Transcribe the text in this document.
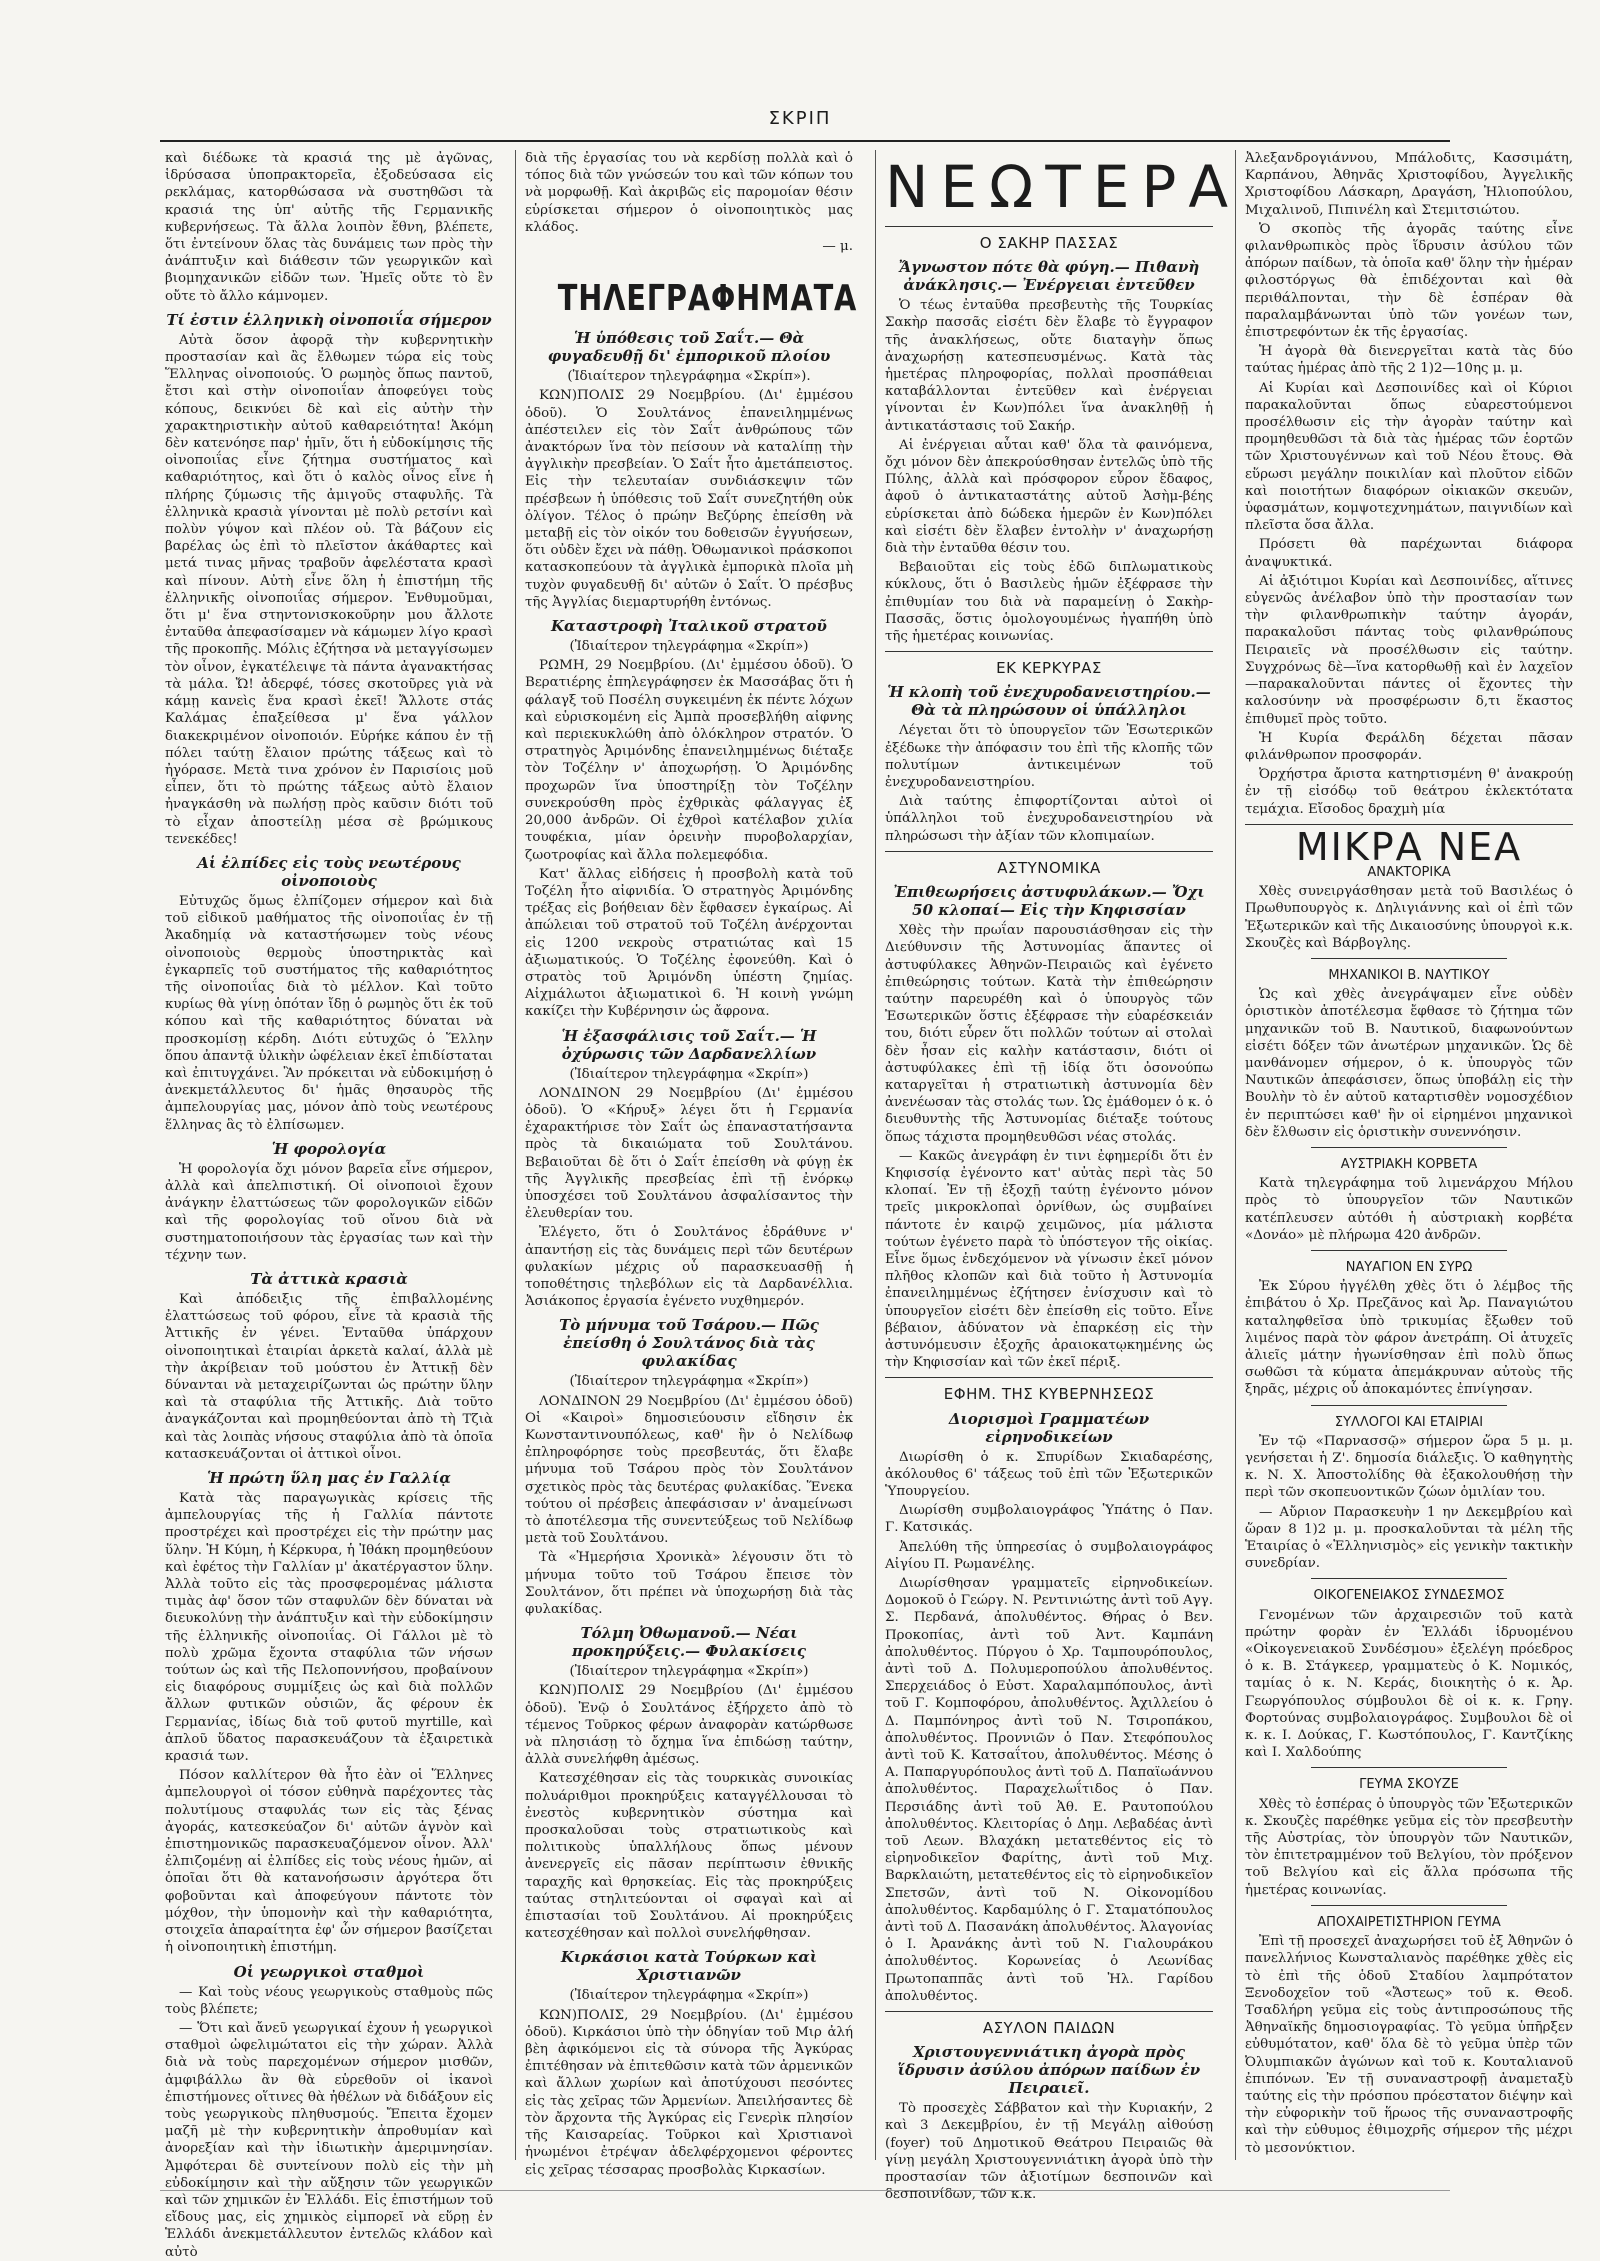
ΣΚΡΙΠ

καὶ διέδωκε τὰ κρασιά της μὲ ἀγῶνας, ἱδρύσασα ὑποπρακτορεῖα, ἐξοδεύσασα εἰς ρεκλάμας, κατορθώσασα νὰ συστηθῶσι τὰ κρασιά της ὑπ' αὐτῆς τῆς Γερμανικῆς κυβερνήσεως. Τὰ ἄλλα λοιπὸν ἔθνη, βλέπετε, ὅτι ἐντείνουν ὅλας τὰς δυνάμεις των πρὸς τὴν ἀνάπτυξιν καὶ διάθεσιν τῶν γεωργικῶν καὶ βιομηχανικῶν εἰδῶν των. Ἡμεῖς οὔτε τὸ ἓν οὔτε τὸ ἄλλο κάμνομεν.

Τί ἐστιν ἑλληνικὴ οἰνοποιΐα σήμερον

Αὐτὰ ὅσον ἀφορᾷ τὴν κυβερνητικὴν προστασίαν καὶ ἂς ἔλθωμεν τώρα εἰς τοὺς Ἕλληνας οἰνοποιούς. Ὁ ρωμηὸς ὅπως παντοῦ, ἔτσι καὶ στὴν οἰνοποιΐαν ἀποφεύγει τοὺς κόπους, δεικνύει δὲ καὶ εἰς αὐτὴν τὴν χαρακτηριστικὴν αὐτοῦ καθαρειότητα! Ἀκόμη δὲν κατενόησε παρ' ἡμῖν, ὅτι ἡ εὐδοκίμησις τῆς οἰνοποιΐας εἶνε ζήτημα συστήματος καὶ καθαριότητος, καὶ ὅτι ὁ καλὸς οἶνος εἶνε ἡ πλήρης ζύμωσις τῆς ἀμιγοῦς σταφυλῆς. Τὰ ἑλληνικὰ κρασιὰ γίνονται μὲ πολὺ ρετσίνι καὶ πολὺν γύψον καὶ πλέον οὐ. Τὰ βάζουν εἰς βαρέλας ὡς ἐπὶ τὸ πλεῖστον ἀκάθαρτες καὶ μετά τινας μῆνας τραβοῦν ἀφελέστατα κρασὶ καὶ πίνουν. Αὐτὴ εἶνε ὅλη ἡ ἐπιστήμη τῆς ἑλληνικῆς οἰνοποιΐας σήμερον. Ἐνθυμοῦμαι, ὅτι μ' ἕνα στηντονισκοκοῦρην μου ἄλλοτε ἐνταῦθα ἀπεφασίσαμεν νὰ κάμωμεν λίγο κρασὶ τῆς προκοπῆς. Μόλις ἐζήτησα νὰ μεταγγίσωμεν τὸν οἶνον, ἐγκατέλειψε τὰ πάντα ἀγανακτήσας τὰ μάλα. Ὤ! ἀδερφέ, τόσες σκοτοῦρες γιὰ νὰ κάμῃ κανεὶς ἕνα κρασὶ ἐκεῖ! Ἄλλοτε στάς Καλάμας ἐπαξείθεσα μ' ἕνα γάλλον διακεκριμένον οἰνοποιόν. Εὑρήκε κάπου ἐν τῇ πόλει ταύτῃ ἔλαιον πρώτης τάξεως καὶ τὸ ἠγόρασε. Μετὰ τινα χρόνον ἐν Παρισίοις μοῦ εἶπεν, ὅτι τὸ πρώτης τάξεως αὐτὸ ἔλαιον ἠναγκάσθη νὰ πωλήσῃ πρὸς καῦσιν διότι τοῦ τὸ εἶχαν ἀποστείλῃ μέσα σὲ βρώμικους τενεκέδες!

Αἱ ἐλπίδες εἰς τοὺς νεωτέρους οἰνοποιοὺς

Εὐτυχῶς ὅμως ἐλπίζομεν σήμερον καὶ διὰ τοῦ εἰδικοῦ μαθήματος τῆς οἰνοποιΐας ἐν τῇ Ἀκαδημίᾳ νὰ καταστήσωμεν τοὺς νέους οἰνοποιοὺς θερμοὺς ὑποστηρικτὰς καὶ ἐγκαρπεῖς τοῦ συστήματος τῆς καθαριότητος τῆς οἰνοποιΐας διὰ τὸ μέλλον. Καὶ τοῦτο κυρίως θὰ γίνῃ ὁπόταν ἴδῃ ὁ ρωμηὸς ὅτι ἐκ τοῦ κόπου καὶ τῆς καθαριότητος δύναται νὰ προσκομίσῃ κέρδη. Διότι εὐτυχῶς ὁ Ἕλλην ὅπου ἀπαντᾷ ὑλικὴν ὠφέλειαν ἐκεῖ ἐπιδίσταται καὶ ἐπιτυγχάνει. Ἂν πρόκειται νὰ εὐδοκιμήσῃ ὁ ἀνεκμετάλλευτος δι' ἡμᾶς θησαυρὸς τῆς ἀμπελουργίας μας, μόνον ἀπὸ τοὺς νεωτέρους ἕλληνας ἃς τὸ ἐλπίσωμεν.

Ἡ φορολογία

Ἡ φορολογία ὄχι μόνον βαρεῖα εἶνε σήμερον, ἀλλὰ καὶ ἀπελπιστική. Οἱ οἰνοποιοὶ ἔχουν ἀνάγκην ἐλαττώσεως τῶν φορολογικῶν εἰδῶν καὶ τῆς φορολογίας τοῦ οἴνου διὰ νὰ συστηματοποιήσουν τὰς ἐργασίας των καὶ τὴν τέχνην των.

Τὰ ἀττικὰ κρασιὰ

Καὶ ἀπόδειξις τῆς ἐπιβαλλομένης ἐλαττώσεως τοῦ φόρου, εἶνε τὰ κρασιὰ τῆς Ἀττικῆς ἐν γένει. Ἐνταῦθα ὑπάρχουν οἰνοποιητικαὶ ἑταιρίαι ἀρκετὰ καλαί, ἀλλὰ μὲ τὴν ἀκρίβειαν τοῦ μούστου ἐν Ἀττικῇ δὲν δύνανται νὰ μεταχειρίζωνται ὡς πρώτην ὕλην καὶ τὰ σταφύλια τῆς Ἀττικῆς. Διὰ τοῦτο ἀναγκάζονται καὶ προμηθεύονται ἀπὸ τὴ Τζιὰ καὶ τὰς λοιπὰς νήσους σταφύλια ἀπὸ τὰ ὁποῖα κατασκευάζονται οἱ ἀττικοὶ οἶνοι.

Ἡ πρώτη ὕλη μας ἐν Γαλλίᾳ

Κατὰ τὰς παραγωγικὰς κρίσεις τῆς ἀμπελουργίας τῆς ἡ Γαλλία πάντοτε προστρέχει καὶ προστρέχει εἰς τὴν πρώτην μας ὕλην. Ἡ Κύμη, ἡ Κέρκυρα, ἡ Ἰθάκη προμηθεύουν καὶ ἐφέτος τὴν Γαλλίαν μ' ἀκατέργαστον ὕλην. Ἀλλὰ τοῦτο εἰς τὰς προσφερομένας μάλιστα τιμὰς ἀφ' ὅσον τῶν σταφυλῶν δὲν δύναται νὰ διευκολύνῃ τὴν ἀνάπτυξιν καὶ τὴν εὐδοκίμησιν τῆς ἑλληνικῆς οἰνοποιΐας. Οἱ Γάλλοι μὲ τὸ πολὺ χρῶμα ἔχοντα σταφύλια τῶν νήσων τούτων ὡς καὶ τῆς Πελοποννήσου, προβαίνουν εἰς διαφόρους συμμίξεις ὡς καὶ διὰ πολλῶν ἄλλων φυτικῶν οὐσιῶν, ἅς φέρουν ἐκ Γερμανίας, ἰδίως διὰ τοῦ φυτοῦ myrtille, καὶ ἁπλοῦ ὕδατος παρασκευάζουν τὰ ἐξαιρετικὰ κρασιά των.

Πόσον καλλίτερον θὰ ἦτο ἐὰν οἱ Ἕλληνες ἀμπελουργοὶ οἱ τόσον εὐθηνὰ παρέχοντες τὰς πολυτίμους σταφυλάς των εἰς τὰς ξένας ἀγοράς, κατεσκεύαζον δι' αὐτῶν ἁγνὸν καὶ ἐπιστημονικῶς παρασκευαζόμενον οἶνον. Ἀλλ' ἐλπιζομένῃ αἱ ἐλπίδες εἰς τοὺς νέους ἡμῶν, αἱ ὁποῖαι ὅτι θὰ κατανοήσωσιν ἀργότερα ὅτι φοβοῦνται καὶ ἀποφεύγουν πάντοτε τὸν μόχθον, τὴν ὑπομονὴν καὶ τὴν καθαριότητα, στοιχεῖα ἀπαραίτητα ἐφ' ὧν σήμερον βασίζεται ἡ οἰνοποιητικὴ ἐπιστήμη.

Οἱ γεωργικοὶ σταθμοὶ

— Καὶ τοὺς νέους γεωργικοὺς σταθμοὺς πῶς τοὺς βλέπετε;

— Ὅτι καὶ ἄνεῦ γεωργικαί ἐχουν ἡ γεωργικοὶ σταθμοὶ ὠφελιμώτατοι εἰς τὴν χώραν. Ἀλλὰ διὰ νὰ τοὺς παρεχομένων σήμερον μισθῶν, ἀμφιβάλλω ἂν θὰ εὑρεθοῦν οἱ ἱκανοὶ ἐπιστήμονες οἵτινες θὰ ἠθέλων νὰ διδάξουν εἰς τοὺς γεωργικοὺς πληθυσμούς. Ἔπειτα ἔχομεν μαζῆ μὲ τὴν κυβερνητικὴν ἀπροθυμίαν καὶ ἀνορεξίαν καὶ τὴν ἰδιωτικὴν ἀμεριμνησίαν. Ἀμφότεραι δὲ συντείνουν πολὺ εἰς τὴν μὴ εὐδοκίμησιν καὶ τὴν αὔξησιν τῶν γεωργικῶν καὶ τῶν χημικῶν ἐν Ἑλλάδι. Εἰς ἐπιστήμων τοῦ εἴδους μας, εἰς χημικὸς εἰμπορεῖ νὰ εὕρῃ ἐν Ἑλλάδι ἀνεκμετάλλευτον ἐντελῶς κλάδον καὶ αὐτὸ

διὰ τῆς ἐργασίας του νὰ κερδίσῃ πολλὰ καὶ ὁ τόπος διὰ τῶν γνώσεών του καὶ τῶν κόπων του νὰ μορφωθῇ. Καὶ ἀκριβῶς εἰς παρομοίαν θέσιν εὑρίσκεται σήμερον ὁ οἰνοποιητικὸς μας κλάδος.

— μ.
ΤΗΛΕΓΡΑΦΗΜΑΤΑ
Ἡ ὑπόθεσις τοῦ Σαΐτ.— Θὰ φυγαδευθῇ δι' ἐμπορικοῦ πλοίου
(Ἰδιαίτερον τηλεγράφημα «Σκρίπ»).

ΚΩΝ)ΠΟΛΙΣ 29 Νοεμβρίου. (Δι' ἐμμέσου ὁδοῦ). Ὁ Σουλτάνος ἐπανειλημμένως ἀπέστειλεν εἰς τὸν Σαΐτ ἀνθρώπους τῶν ἀνακτόρων ἵνα τὸν πείσουν νὰ καταλίπῃ τὴν ἀγγλικὴν πρεσβείαν. Ὁ Σαΐτ ἦτο ἀμετάπειστος. Εἰς τὴν τελευταίαν συνδιάσκεψιν τῶν πρέσβεων ἡ ὑπόθεσις τοῦ Σαΐτ συνεζητήθη οὐκ ὀλίγον. Τέλος ὁ πρώην Βεζύρης ἐπείσθη νὰ μεταβῇ εἰς τὸν οἰκόν του δοθεισῶν ἐγγυήσεων, ὅτι οὐδὲν ἔχει νὰ πάθῃ. Ὀθωμανικοὶ πράσκοποι κατασκοπεύουν τὰ ἀγγλικὰ ἐμπορικὰ πλοῖα μὴ τυχὸν φυγαδευθῇ δι' αὐτῶν ὁ Σαΐτ. Ὁ πρέσβυς τῆς Ἀγγλίας διεμαρτυρήθη ἐντόνως.

Καταστροφὴ Ἰταλικοῦ στρατοῦ
(Ἰδιαίτερον τηλεγράφημα «Σκρίπ»)

ΡΩΜΗ, 29 Νοεμβρίου. (Δι' ἐμμέσου ὁδοῦ). Ὁ Βερατιέρης ἐπηλεγράφησεν ἐκ Μασσάβας ὅτι ἡ φάλαγξ τοῦ Ποσέλη συγκειμένη ἐκ πέντε λόχων καὶ εὑρισκομένη εἰς Ἀμπὰ προσεβλήθη αἰφνης καὶ περιεκυκλώθη ἀπὸ ὁλόκληρον στρατόν. Ὁ στρατηγὸς Ἀριμόνδης ἐπανειλημμένως διέταξε τὸν Τοζέλην ν' ἀποχωρήσῃ. Ὁ Ἀριμόνδης προχωρῶν ἵνα ὑποστηρίξῃ τὸν Τοζέλην συνεκρούσθη πρὸς ἐχθρικὰς φάλαγγας ἐξ 20,000 ἀνδρῶν. Οἱ ἐχθροὶ κατέλαβον χιλία τουφέκια, μίαν ὀρεινὴν πυροβολαρχίαν, ζωοτροφίας καὶ ἄλλα πολεμεφόδια.

Κατ' ἄλλας εἰδήσεις ἡ προσβολὴ κατὰ τοῦ Τοζέλη ἦτο αἰφνιδία. Ὁ στρατηγὸς Ἀριμόνδης τρέξας εἰς βοήθειαν δὲν ἔφθασεν ἐγκαίρως. Αἱ ἀπώλειαι τοῦ στρατοῦ τοῦ Τοζέλη ἀνέρχονται εἰς 1200 νεκροὺς στρατιώτας καὶ 15 ἀξιωματικούς. Ὁ Τοζέλης ἐφονεύθη. Καὶ ὁ στρατὸς τοῦ Ἀριμόνδη ὑπέστη ζημίας. Αἰχμάλωτοι ἀξιωματικοὶ 6. Ἡ κοινὴ γνώμη κακίζει τὴν Κυβέρνησιν ὡς ἄφρονα.

Ἡ ἐξασφάλισις τοῦ Σαΐτ.— Ἡ ὀχύρωσις τῶν Δαρδανελλίων
(Ἰδιαίτερον τηλεγράφημα «Σκρίπ»)

ΛΟΝΔΙΝΟΝ 29 Νοεμβρίου (Δι' ἐμμέσου ὁδοῦ). Ὁ «Κήρυξ» λέγει ὅτι ἡ Γερμανία ἐχαρακτήρισε τὸν Σαΐτ ὡς ἐπαναστατήσαντα πρὸς τὰ δικαιώματα τοῦ Σουλτάνου. Βεβαιοῦται δὲ ὅτι ὁ Σαΐτ ἐπείσθη νὰ φύγῃ ἐκ τῆς Ἀγγλικῆς πρεσβείας ἐπὶ τῇ ἐνόρκῳ ὑποσχέσει τοῦ Σουλτάνου ἀσφαλίσαντος τὴν ἐλευθερίαν του.

Ἐλέγετο, ὅτι ὁ Σουλτάνος ἐδράθυνε ν' ἀπαντήσῃ εἰς τὰς δυνάμεις περὶ τῶν δευτέρων φυλακίων μέχρις οὗ παρασκευασθῇ ἡ τοποθέτησις τηλεβόλων εἰς τὰ Δαρδανέλλια. Ἀσιάκοπος ἐργασία ἐγένετο νυχθημερόν.

Τὸ μήνυμα τοῦ Τσάρου.— Πῶς ἐπείσθη ὁ Σουλτάνος διὰ τὰς φυλακίδας
(Ἰδιαίτερον τηλεγράφημα «Σκρίπ»)

ΛΟΝΔΙΝΟΝ 29 Νοεμβρίου (Δι' ἐμμέσου ὁδοῦ) Οἱ «Καιροὶ» δημοσιεύουσιν εἴδησιν ἐκ Κωνσταντινουπόλεως, καθ' ἣν ὁ Νελίδωφ ἐπληροφόρησε τοὺς πρεσβευτάς, ὅτι ἔλαβε μήνυμα τοῦ Τσάρου πρὸς τὸν Σουλτάνον σχετικὸς πρὸς τὰς δευτέρας φυλακίδας. Ἕνεκα τούτου οἱ πρέσβεις ἀπεφάσισαν ν' ἀναμείνωσι τὸ ἀποτέλεσμα τῆς συνεντεύξεως τοῦ Νελίδωφ μετὰ τοῦ Σουλτάνου.

Τὰ «Ἡμερήσια Χρονικὰ» λέγουσιν ὅτι τὸ μήνυμα τοῦτο τοῦ Τσάρου ἔπεισε τὸν Σουλτάνον, ὅτι πρέπει νὰ ὑποχωρήσῃ διὰ τὰς φυλακίδας.

Τόλμη Ὀθωμανοῦ.— Νέαι προκηρύξεις.— Φυλακίσεις
(Ἰδιαίτερον τηλεγράφημα «Σκρίπ»)

ΚΩΝ)ΠΟΛΙΣ 29 Νοεμβρίου (Δι' ἐμμέσου ὁδοῦ). Ἐνῷ ὁ Σουλτάνος ἐξήρχετο ἀπὸ τὸ τέμενος Τοῦρκος φέρων ἀναφορὰν κατώρθωσε νὰ πλησιάσῃ τὸ ὄχημα ἵνα ἐπιδώσῃ ταύτην, ἀλλὰ συνελήφθη ἀμέσως.

Κατεσχέθησαν εἰς τὰς τουρκικὰς συνοικίας πολυάριθμοι προκηρύξεις καταγγέλλουσαι τὸ ἐνεστὸς κυβερνητικὸν σύστημα καὶ προσκαλοῦσαι τοὺς στρατιωτικοὺς καὶ πολιτικοὺς ὑπαλλήλους ὅπως μένουν ἀνενεργεῖς εἰς πᾶσαν περίπτωσιν ἐθνικῆς ταραχῆς καὶ θρησκείας. Εἰς τὰς προκηρύξεις ταύτας στηλιτεύονται οἱ σφαγαὶ καὶ αἱ ἐπιστασίαι τοῦ Σουλτάνου. Αἱ προκηρύξεις κατεσχέθησαν καὶ πολλοὶ συνελήφθησαν.

Κιρκάσιοι κατὰ Τούρκων καὶ Χριστιανῶν
(Ἰδιαίτερον τηλεγράφημα «Σκρίπ»)

ΚΩΝ)ΠΟΛΙΣ, 29 Νοεμβρίου. (Δι' ἐμμέσου ὁδοῦ). Κιρκάσιοι ὑπὸ τὴν ὁδηγίαν τοῦ Μιρ ἀλή βὲη ἀφικόμενοι εἰς τὰ σύνορα τῆς Ἀγκύρας ἐπιτέθησαν νὰ ἐπιτεθῶσιν κατὰ τῶν ἀρμενικῶν καὶ ἄλλων χωρίων καὶ ἀποτύχουσι πεσόντες εἰς τὰς χεῖρας τῶν Ἀρμενίων. Ἀπειλήσαντες δὲ τὸν ἄρχοντα τῆς Ἀγκύρας εἰς Γενερὶκ πλησίον τῆς Καισαρείας. Τοῦρκοι καὶ Χριστιανοὶ ἡνωμένοι ἐτρέψαν ἀδελφέρχομενοι φέροντες εἰς χεῖρας τέσσαρας προσβολὰς Κιρκασίων.

ΝΕΩΤΕΡΑ
Ο ΣΑΚΗΡ ΠΑΣΣΑΣ
Ἄγνωστον πότε θὰ φύγη.— Πιθανὴ ἀνάκλησις.— Ἐνέργειαι ἐντεῦθεν

Ὁ τέως ἐνταῦθα πρεσβευτὴς τῆς Τουρκίας Σακὴρ πασσᾶς εἰσέτι δὲν ἔλαβε τὸ ἔγγραφον τῆς ἀνακλήσεως, οὔτε διαταγὴν ὅπως ἀναχωρήσῃ κατεσπευσμένως. Κατὰ τὰς ἡμετέρας πληροφορίας, πολλαὶ προσπάθειαι καταβάλλονται ἐντεῦθεν καὶ ἐνέργειαι γίνονται ἐν Κων)πόλει ἵνα ἀνακληθῇ ἡ ἀντικατάστασις τοῦ Σακήρ.

Αἱ ἐνέργειαι αὗται καθ' ὅλα τὰ φαινόμενα, ὄχι μόνον δὲν ἀπεκρούσθησαν ἐντελῶς ὑπὸ τῆς Πύλης, ἀλλὰ καὶ πρόσφορον εὗρον ἔδαφος, ἀφοῦ ὁ ἀντικαταστάτης αὐτοῦ Ἀσὴμ-βέης εὑρίσκεται ἀπὸ δώδεκα ἡμερῶν ἐν Κων)πόλει καὶ εἰσέτι δὲν ἔλαβεν ἐντολὴν ν' ἀναχωρήσῃ διὰ τὴν ἐνταῦθα θέσιν του.

Βεβαιοῦται εἰς τοὺς ἐδῶ διπλωματικοὺς κύκλους, ὅτι ὁ Βασιλεὺς ἡμῶν ἐξέφρασε τὴν ἐπιθυμίαν του διὰ νὰ παραμείνῃ ὁ Σακὴρ-Πασσᾶς, ὅστις ὁμολογουμένως ἠγαπήθη ὑπὸ τῆς ἡμετέρας κοινωνίας.

ΕΚ ΚΕΡΚΥΡΑΣ
Ἡ κλοπὴ τοῦ ἐνεχυροδανειστηρίου.— Θὰ τὰ πληρώσουν οἱ ὑπάλληλοι

Λέγεται ὅτι τὸ ὑπουργεῖον τῶν Ἐσωτερικῶν ἐξέδωκε τὴν ἀπόφασιν του ἐπὶ τῆς κλοπῆς τῶν πολυτίμων ἀντικειμένων τοῦ ἐνεχυροδανειστηρίου.

Διὰ ταύτης ἐπιφορτίζονται αὐτοὶ οἱ ὑπάλληλοι τοῦ ἐνεχυροδανειστηρίου νὰ πληρώσωσι τὴν ἀξίαν τῶν κλοπιμαίων.

ΑΣΤΥΝΟΜΙΚΑ
Ἐπιθεωρήσεις ἀστυφυλάκων.— Ὄχι 50 κλοπαί— Εἰς τὴν Κηφισσίαν

Χθὲς τὴν πρωΐαν παρουσιάσθησαν εἰς τὴν Διεύθυνσιν τῆς Ἀστυνομίας ἅπαντες οἱ ἀστυφύλακες Ἀθηνῶν-Πειραιῶς καὶ ἐγένετο ἐπιθεώρησις τούτων. Κατὰ τὴν ἐπιθεώρησιν ταύτην παρευρέθη καὶ ὁ ὑπουργὸς τῶν Ἐσωτερικῶν ὅστις ἐξέφρασε τὴν εὐαρέσκειάν του, διότι εὗρεν ὅτι πολλῶν τούτων αἱ στολαὶ δὲν ἦσαν εἰς καλὴν κατάστασιν, διότι οἱ ἀστυφύλακες ἐπὶ τῇ ἰδίᾳ ὅτι ὀσονούπω καταργεῖται ἡ στρατιωτικὴ ἀστυνομία δὲν ἀνενέωσαν τὰς στολάς των. Ὡς ἐμάθομεν ὁ κ. ὁ διευθυντὴς τῆς Ἀστυνομίας διέταξε τούτους ὅπως τάχιστα προμηθευθῶσι νέας στολάς.

— Κακῶς ἀνεγράφη ἐν τινι ἐφημερίδι ὅτι ἐν Κηφισσίᾳ ἐγένοντο κατ' αὐτὰς περὶ τὰς 50 κλοπαί. Ἐν τῇ ἐξοχῇ ταύτῃ ἐγένοντο μόνον τρεῖς μικροκλοπαὶ ὀρνίθων, ὡς συμβαίνει πάντοτε ἐν καιρῷ χειμῶνος, μία μάλιστα τούτων ἐγένετο παρὰ τὸ ὑπόστεγον τῆς οἰκίας. Εἶνε ὅμως ἐνδεχόμενον νὰ γίνωσιν ἐκεῖ μόνον πλῆθος κλοπῶν καὶ διὰ τοῦτο ἡ Ἀστυνομία ἐπανειλημμένως ἐζήτησεν ἐνίσχυσιν καὶ τὸ ὑπουργεῖον εἰσέτι δὲν ἐπείσθη εἰς τοῦτο. Εἶνε βέβαιον, ἀδύνατον νὰ ἐπαρκέσῃ εἰς τὴν ἀστυνόμευσιν ἐξοχῆς ἀραιοκατῳκημένης ὡς τὴν Κηφισσίαν καὶ τῶν ἐκεῖ πέριξ.

ΕΦΗΜ. ΤΗΣ ΚΥΒΕΡΝΗΣΕΩΣ
Διορισμοὶ Γραμματέων εἰρηνοδικείων

Διωρίσθη ὁ κ. Σπυρίδων Σκιαδαρέσης, ἀκόλουθος 6' τάξεως τοῦ ἐπὶ τῶν Ἐξωτερικῶν Ὑπουργείου.

Διωρίσθη συμβολαιογράφος Ὑπάτης ὁ Παν. Γ. Κατσικάς.

Ἀπελύθη τῆς ὑπηρεσίας ὁ συμβολαιογράφος Αἰγίου Π. Ρωμανέλης.

Διωρίσθησαν γραμματεῖς εἰρηνοδικείων. Δομοκοῦ ὁ Γεώργ. Ν. Ρεντινιώτης ἀντὶ τοῦ Αγγ. Σ. Περδανά, ἀπολυθέντος. Θήρας ὁ Βεν. Προκοπίας, ἀντὶ τοῦ Ἀντ. Καμπάνη ἀπολυθέντος. Πύργου ὁ Χρ. Ταμπουρόπουλος, ἀντὶ τοῦ Δ. Πολυμεροπούλου ἀπολυθέντος. Σπερχειάδος ὁ Εὐστ. Χαραλαμπόπουλος, ἀντὶ τοῦ Γ. Κομποφόρου, ἀπολυθέντος. Ἀχιλλείου ὁ Δ. Παμπόνηρος ἀντὶ τοῦ Ν. Τσιροπάκου, ἀπολυθέντος. Προννιῶν ὁ Παν. Στεφόπουλος ἀντὶ τοῦ Κ. Κατσαΐτου, ἀπολυθέντος. Μέσης ὁ Α. Παπαργυρόπουλος ἀντὶ τοῦ Δ. Παπαϊωάννου ἀπολυθέντος. Παραχελωΐτιδος ὁ Παν. Περσιάδης ἀντὶ τοῦ Ἀθ. Ε. Ραυτοπούλου ἀπολυθέντος. Κλειτορίας ὁ Δημ. Λεβαδέας ἀντὶ τοῦ Λεων. Βλαχάκη μετατεθέντος εἰς τὸ εἰρηνοδικεῖον Φαρίτης, ἀντὶ τοῦ Μιχ. Βαρκλαιώτη, μετατεθέντος εἰς τὸ εἰρηνοδικεῖον Σπετσῶν, ἀντὶ τοῦ Ν. Οἰκονομίδου ἀπολυθέντος. Καρδαμύλης ὁ Γ. Σταματόπουλος ἀντὶ τοῦ Δ. Πασανάκη ἀπολυθέντος. Ἀλαγονίας ὁ Ι. Ἀρανάκης ἀντὶ τοῦ Ν. Γιαλουράκου ἀπολυθέντος. Κορωνείας ὁ Λεωνίδας Πρωτοπαππᾶς ἀντὶ τοῦ Ἠλ. Γαρίδου ἀπολυθέντος.

ΑΣΥΛΟΝ ΠΑΙΔΩΝ
Χριστουγεννιάτικη ἀγορὰ πρὸς ἵδρυσιν ἀσύλου ἀπόρων παίδων ἐν Πειραιεῖ.

Τὸ προσεχὲς Σάββατον καὶ τὴν Κυριακήν, 2 καὶ 3 Δεκεμβρίου, ἐν τῇ Μεγάλῃ αἰθούσῃ (foyer) τοῦ Δημοτικοῦ Θεάτρου Πειραιῶς θὰ γίνῃ μεγάλη Χριστουγεννιάτικη ἀγορὰ ὑπὸ τὴν προστασίαν τῶν ἀξιοτίμων δεσποινῶν καὶ δεσποινίδων, τῶν κ.κ.

Ἀλεξανδρογιάννου, Μπάλοδιτς, Κασσιμάτη, Καρπάνου, Ἀθηνᾶς Χριστοφίδου, Ἀγγελικῆς Χριστοφίδου Λάσκαρη, Δραγάση, Ἠλιοπούλου, Μιχαλινοῦ, Πιπινέλη καὶ Στεμιτσιώτου.

Ὁ σκοπὸς τῆς ἀγορᾶς ταύτης εἶνε φιλανθρωπικὸς πρὸς ἵδρυσιν ἀσύλου τῶν ἀπόρων παίδων, τὰ ὁποῖα καθ' ὅλην τὴν ἡμέραν φιλοστόργως θὰ ἐπιδέχονται καὶ θὰ περιθάλπονται, τὴν δὲ ἑσπέραν θὰ παραλαμβάνωνται ὑπὸ τῶν γονέων των, ἐπιστρεφόντων ἐκ τῆς ἐργασίας.

Ἡ ἀγορὰ θὰ διενεργεῖται κατὰ τὰς δύο ταύτας ἡμέρας ἀπὸ τῆς 2 1)2—10ης μ. μ.

Αἱ Κυρίαι καὶ Δεσποινίδες καὶ οἱ Κύριοι παρακαλοῦνται ὅπως εὐαρεστούμενοι προσέλθωσιν εἰς τὴν ἀγορὰν ταύτην καὶ προμηθευθῶσι τὰ διὰ τὰς ἡμέρας τῶν ἑορτῶν τῶν Χριστουγέννων καὶ τοῦ Νέου ἔτους. Θὰ εὕρωσι μεγάλην ποικιλίαν καὶ πλοῦτον εἰδῶν καὶ ποιοτήτων διαφόρων οἰκιακῶν σκευῶν, ὑφασμάτων, κομψοτεχνημάτων, παιγνιδίων καὶ πλεῖστα ὅσα ἄλλα.

Πρόσετι θὰ παρέχωνται διάφορα ἀναψυκτικά.

Αἱ ἀξιότιμοι Κυρίαι καὶ Δεσποινίδες, αἵτινες εὐγενῶς ἀνέλαβον ὑπὸ τὴν προστασίαν των τὴν φιλανθρωπικὴν ταύτην ἀγοράν, παρακαλοῦσι πάντας τοὺς φιλανθρώπους Πειραιεῖς νὰ προσέλθωσιν εἰς ταύτην. Συγχρόνως δὲ—ἵνα κατορθωθῇ καὶ ἐν λαχεῖον—παρακαλοῦνται πάντες οἱ ἔχοντες τὴν καλοσύνην νὰ προσφέρωσιν δ,τι ἕκαστος ἐπιθυμεῖ πρὸς τοῦτο.

Ἡ Κυρία Φεράλδη δέχεται πᾶσαν φιλάνθρωπον προσφοράν.

Ὀρχήστρα ἄριστα κατηρτισμένη θ' ἀνακρούῃ ἐν τῇ εἰσόδῳ τοῦ θεάτρου ἐκλεκτότατα τεμάχια. Εἴσοδος δραχμὴ μία

ΜΙΚΡΑ ΝΕΑ
ΑΝΑΚΤΟΡΙΚΑ

Χθὲς συνειργάσθησαν μετὰ τοῦ Βασιλέως ὁ Πρωθυπουργὸς κ. Δηλιγιάννης καὶ οἱ ἐπὶ τῶν Ἐξωτερικῶν καὶ τῆς Δικαιοσύνης ὑπουργοὶ κ.κ. Σκουζὲς καὶ Βάρβογλης.

ΜΗΧΑΝΙΚΟΙ Β. ΝΑΥΤΙΚΟΥ

Ὡς καὶ χθὲς ἀνεγράψαμεν εἶνε οὐδὲν ὁριστικὸν ἀποτέλεσμα ἔφθασε τὸ ζήτημα τῶν μηχανικῶν τοῦ Β. Ναυτικοῦ, διαφωνούντων εἰσέτι δόξεν τῶν ἀνωτέρων μηχανικῶν. Ὡς δὲ μανθάνομεν σήμερον, ὁ κ. ὑπουργὸς τῶν Ναυτικῶν ἀπεφάσισεν, ὅπως ὑποβάλῃ εἰς τὴν Βουλὴν τὸ ἐν αὐτοῦ καταρτισθὲν νομοσχέδιον ἐν περιπτώσει καθ' ἣν οἱ εἰρημένοι μηχανικοὶ δὲν ἔλθωσιν εἰς ὁριστικὴν συνεννόησιν.

ΑΥΣΤΡΙΑΚΗ ΚΟΡΒΕΤΑ

Κατὰ τηλεγράφημα τοῦ λιμενάρχου Μήλου πρὸς τὸ ὑπουργεῖον τῶν Ναυτικῶν κατέπλευσεν αὐτόθι ἡ αὐστριακὴ κορβέτα «Δονάο» μὲ πλήρωμα 420 ἀνδρῶν.

ΝΑΥΑΓΙΟΝ ΕΝ ΣΥΡΩ

Ἐκ Σύρου ἠγγέλθη χθὲς ὅτι ὁ λέμβος τῆς ἐπιβάτου ὁ Χρ. Πρεζᾶνος καὶ Ἀρ. Παναγιώτου καταληφθεῖσα ὑπὸ τρικυμίας ἔξωθεν τοῦ λιμένος παρὰ τὸν φάρον ἀνετράπη. Οἱ ἀτυχεῖς ἁλιεῖς μάτην ἠγωνίσθησαν ἐπὶ πολὺ ὅπως σωθῶσι τὰ κύματα ἀπεμάκρυναν αὐτοὺς τῆς ξηρᾶς, μέχρις οὗ ἀποκαμόντες ἐπνίγησαν.

ΣΥΛΛΟΓΟΙ ΚΑΙ ΕΤΑΙΡΙΑΙ

Ἐν τῷ «Παρνασσῷ» σήμερον ὥρα 5 μ. μ. γενήσεται ἡ Ζ'. δημοσία διάλεξις. Ὁ καθηγητὴς κ. Ν. Χ. Ἀποστολίδης θὰ ἐξακολουθήσῃ τὴν περὶ τῶν σκοπευοντικῶν ζώων ὁμιλίαν του.

— Αὔριον Παρασκευὴν 1 ην Δεκεμβρίου καὶ ὥραν 8 1)2 μ. μ. προσκαλοῦνται τὰ μέλη τῆς Ἑταιρίας ὁ «Ἑλληνισμὸς» εἰς γενικὴν τακτικὴν συνεδρίαν.

ΟΙΚΟΓΕΝΕΙΑΚΟΣ ΣΥΝΔΕΣΜΟΣ

Γενομένων τῶν ἀρχαιρεσιῶν τοῦ κατὰ πρώτην φορὰν ἐν Ἑλλάδι ἱδρυομένου «Οἰκογενειακοῦ Συνδέσμου» ἐξελέγη πρόεδρος ὁ κ. Β. Στάγκεερ, γραμματεὺς ὁ Κ. Νομικός, ταμίας ὁ κ. Ν. Κεράς, διοικητὴς ὁ κ. Ἀρ. Γεωργόπουλος σύμβουλοι δὲ οἱ κ. κ. Γρηγ. Φορτούνας συμβολαιογράφος. Συμβουλοι δὲ οἱ κ. κ. Ι. Δούκας, Γ. Κωστόπουλος, Γ. Καντζίκης καὶ Ι. Χαλδούπης

ΓΕΥΜΑ ΣΚΟΥΖΕ

Χθὲς τὸ ἑσπέρας ὁ ὑπουργὸς τῶν Ἐξωτερικῶν κ. Σκουζὲς παρέθηκε γεῦμα εἰς τὸν πρεσβευτὴν τῆς Αὐστρίας, τὸν ὑπουργὸν τῶν Ναυτικῶν, τὸν ἐπιτετραμμένον τοῦ Βελγίου, τὸν πρόξενον τοῦ Βελγίου καὶ εἰς ἄλλα πρόσωπα τῆς ἡμετέρας κοινωνίας.

ΑΠΟΧΑΙΡΕΤΙΣΤΗΡΙΟΝ ΓΕΥΜΑ

Ἐπὶ τῇ προσεχεῖ ἀναχωρήσει τοῦ ἐξ Ἀθηνῶν ὁ πανελλήνιος Κωνσταλιανὸς παρέθηκε χθὲς εἰς τὸ ἐπὶ τῆς ὁδοῦ Σταδίου λαμπρότατον Ξενοδοχεῖον τοῦ «Ἄστεως» τοῦ κ. Θεοδ. Τσαδλήρη γεῦμα εἰς τοὺς ἀντιπροσώπους τῆς Ἀθηναϊκῆς δημοσιογραφίας. Τὸ γεῦμα ὑπῆρξεν εὐθυμότατον, καθ' ὅλα δὲ τὸ γεῦμα ὑπὲρ τῶν Ὀλυμπιακῶν ἀγώνων καὶ τοῦ κ. Κουταλιανοῦ ἐπιπόνων. Ἐν τῇ συναναστροφῇ ἀναμεταξὺ ταύτης εἰς τὴν πρόσπου πρόεστατον διέψην καὶ τὴν εὐφορικὴν τοῦ ἥρωος τῆς συναναστροφῆς καὶ τὴν εὐθυμος ἐθιμοχρῆς σήμερον τῆς μέχρι τὸ μεσονύκτιον.
